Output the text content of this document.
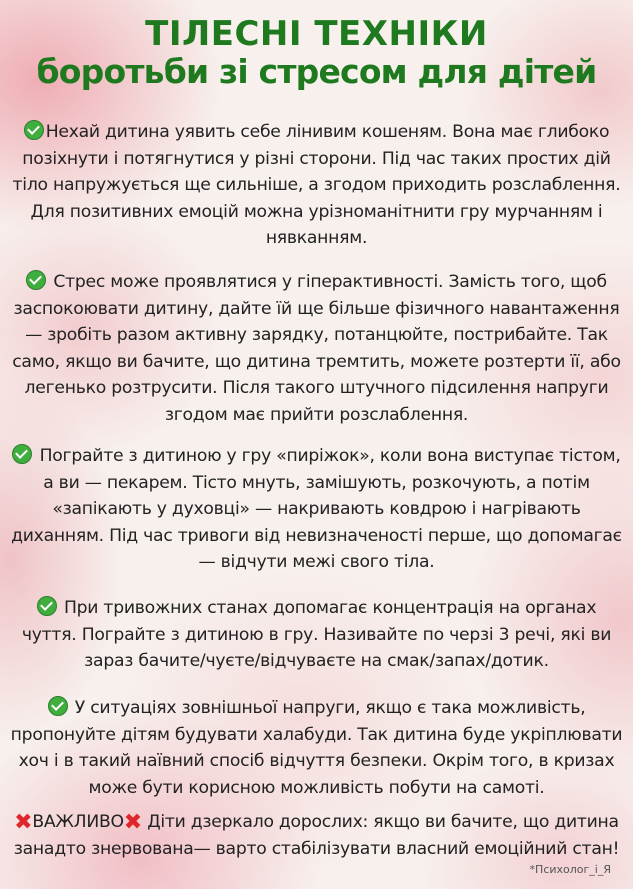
ТІЛЕСНІ ТЕХНІКИ
боротьби зі стресом для дітей

Нехай дитина уявить себе лінивим кошеням. Вона має глибоко позіхнути і потягнутися у різні сторони. Під час таких простих дій тіло напружується ще сильніше, а згодом приходить розслаблення. Для позитивних емоцій можна урізноманітнити гру мурчанням і нявканням.

Стрес може проявлятися у гіперактивності. Замість того, щоб заспокоювати дитину, дайте їй ще більше фізичного навантаження — зробіть разом активну зарядку, потанцюйте, пострибайте. Так само, якщо ви бачите, що дитина тремтить, можете розтерти її, або легенько розтрусити. Після такого штучного підсилення напруги згодом має прийти розслаблення.

Пограйте з дитиною у гру «пиріжок», коли вона виступає тістом, а ви — пекарем. Тісто мнуть, замішують, розкочують, а потім «запікають у духовці» — накривають ковдрою і нагрівають диханням. Під час тривоги від невизначеності перше, що допомагає — відчути межі свого тіла.

При тривожних станах допомагає концентрація на органах чуття. Пограйте з дитиною в гру. Називайте по черзі 3 речі, які ви зараз бачите/чуєте/відчуваєте на смак/запах/дотик.

У ситуаціях зовнішньої напруги, якщо є така можливість, пропонуйте дітям будувати халабуди. Так дитина буде укріплювати хоч і в такий наївний спосіб відчуття безпеки. Окрім того, в кризах може бути корисною можливість побути на самоті.

✖ВАЖЛИВО✖ Діти дзеркало дорослих: якщо ви бачите, що дитина занадто знервована— варто стабілізувати власний емоційний стан!

*Психолог_і_Я
